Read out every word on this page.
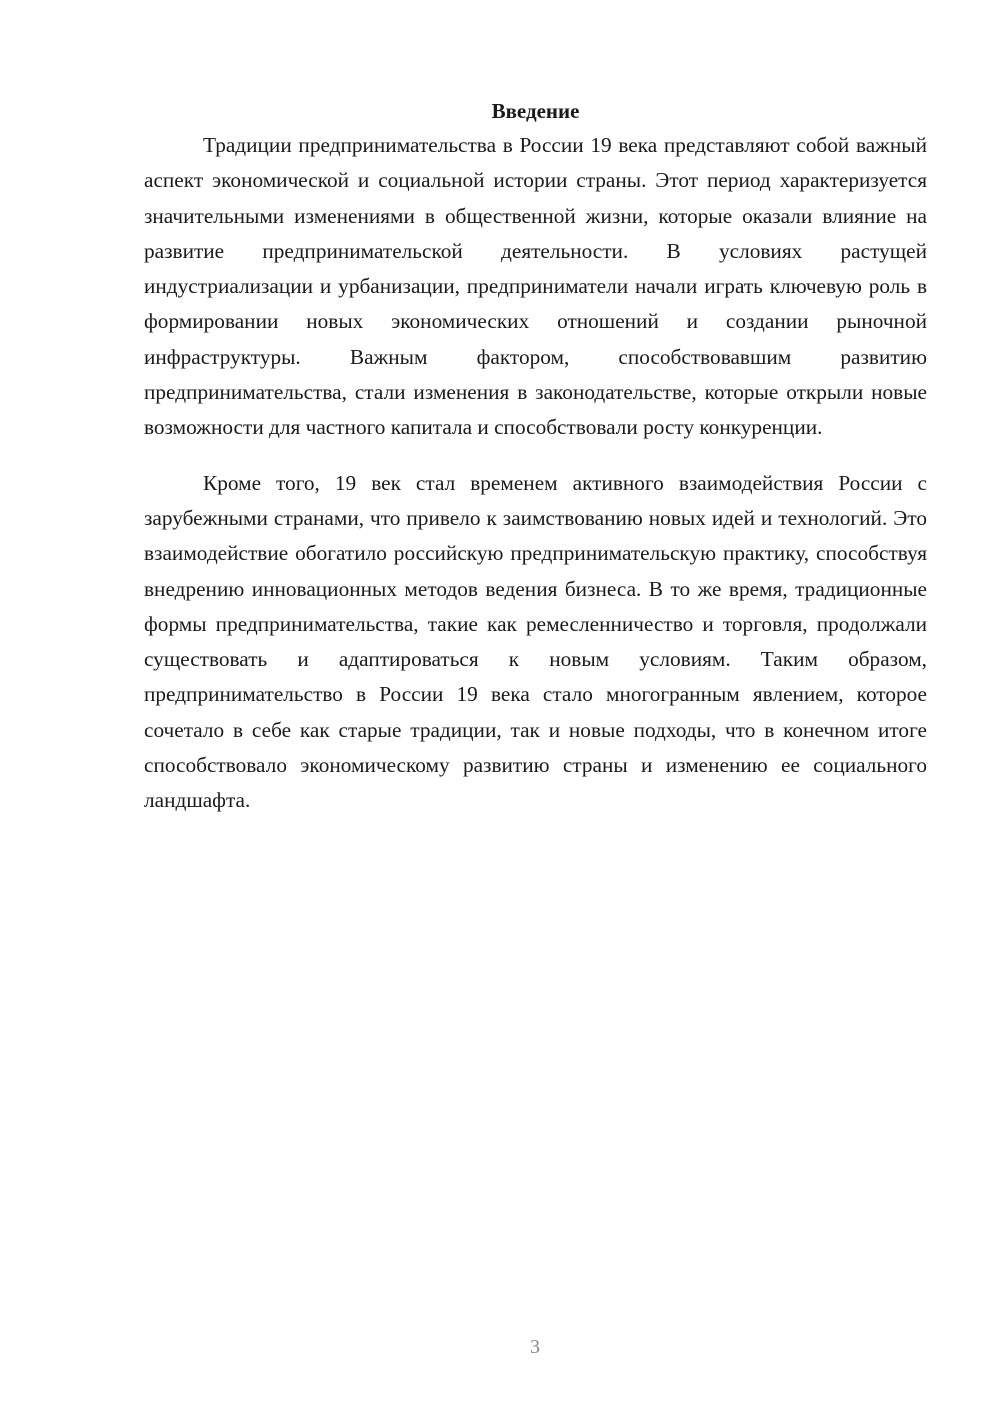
Введение

Традиции предпринимательства в России 19 века представляют собой важный аспект экономической и социальной истории страны. Этот период характеризуется значительными изменениями в общественной жизни, которые оказали влияние на развитие предпринимательской деятельности. В условиях растущей индустриализации и урбанизации, предприниматели начали играть ключевую роль в формировании новых экономических отношений и создании рыночной инфраструктуры. Важным фактором, способствовавшим развитию предпринимательства, стали изменения в законодательстве, которые открыли новые возможности для частного капитала и способствовали росту конкуренции.

Кроме того, 19 век стал временем активного взаимодействия России с зарубежными странами, что привело к заимствованию новых идей и технологий. Это взаимодействие обогатило российскую предпринимательскую практику, способствуя внедрению инновационных методов ведения бизнеса. В то же время, традиционные формы предпринимательства, такие как ремесленничество и торговля, продолжали существовать и адаптироваться к новым условиям. Таким образом, предпринимательство в России 19 века стало многогранным явлением, которое сочетало в себе как старые традиции, так и новые подходы, что в конечном итоге способствовало экономическому развитию страны и изменению ее социального ландшафта.

3
